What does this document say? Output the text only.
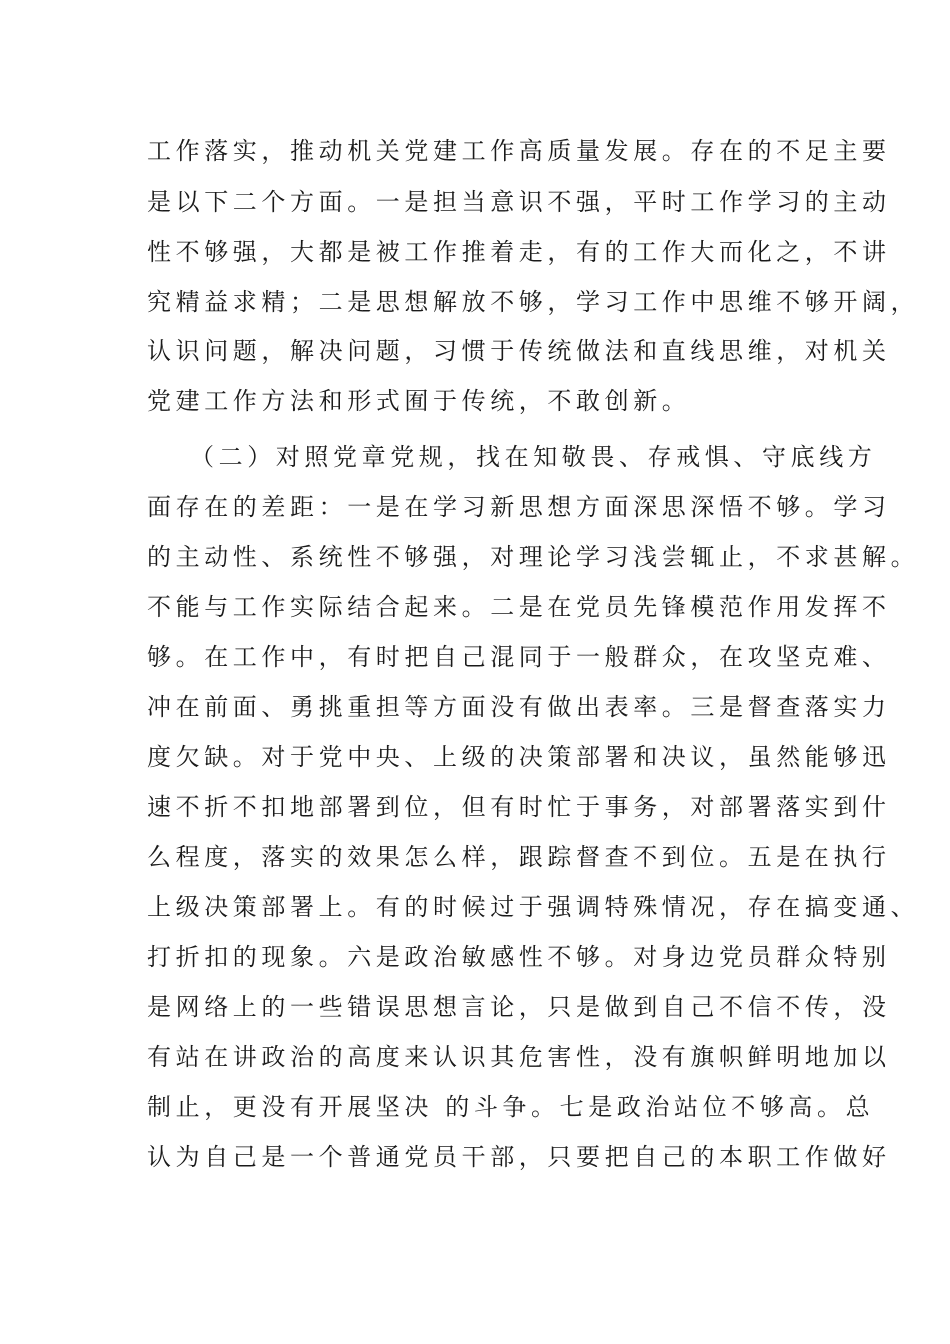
工作落实，推动机关党建工作高质量发展。存在的不足主要
是以下二个方面。一是担当意识不强，平时工作学习的主动
性不够强，大都是被工作推着走，有的工作大而化之，不讲
究精益求精；二是思想解放不够，学习工作中思维不够开阔，
认识问题，解决问题，习惯于传统做法和直线思维，对机关
党建工作方法和形式囿于传统，不敢创新。
（二）对照党章党规，找在知敬畏、存戒惧、守底线方
面存在的差距：一是在学习新思想方面深思深悟不够。学习
的主动性、系统性不够强，对理论学习浅尝辄止，不求甚解。
不能与工作实际结合起来。二是在党员先锋模范作用发挥不
够。在工作中，有时把自己混同于一般群众，在攻坚克难、
冲在前面、勇挑重担等方面没有做出表率。三是督查落实力
度欠缺。对于党中央、上级的决策部署和决议，虽然能够迅
速不折不扣地部署到位，但有时忙于事务，对部署落实到什
么程度，落实的效果怎么样，跟踪督查不到位。五是在执行
上级决策部署上。有的时候过于强调特殊情况，存在搞变通、
打折扣的现象。六是政治敏感性不够。对身边党员群众特别
是网络上的一些错误思想言论，只是做到自己不信不传，没
有站在讲政治的高度来认识其危害性，没有旗帜鲜明地加以
制止，更没有开展坚决 的斗争。七是政治站位不够高。总
认为自己是一个普通党员干部，只要把自己的本职工作做好
